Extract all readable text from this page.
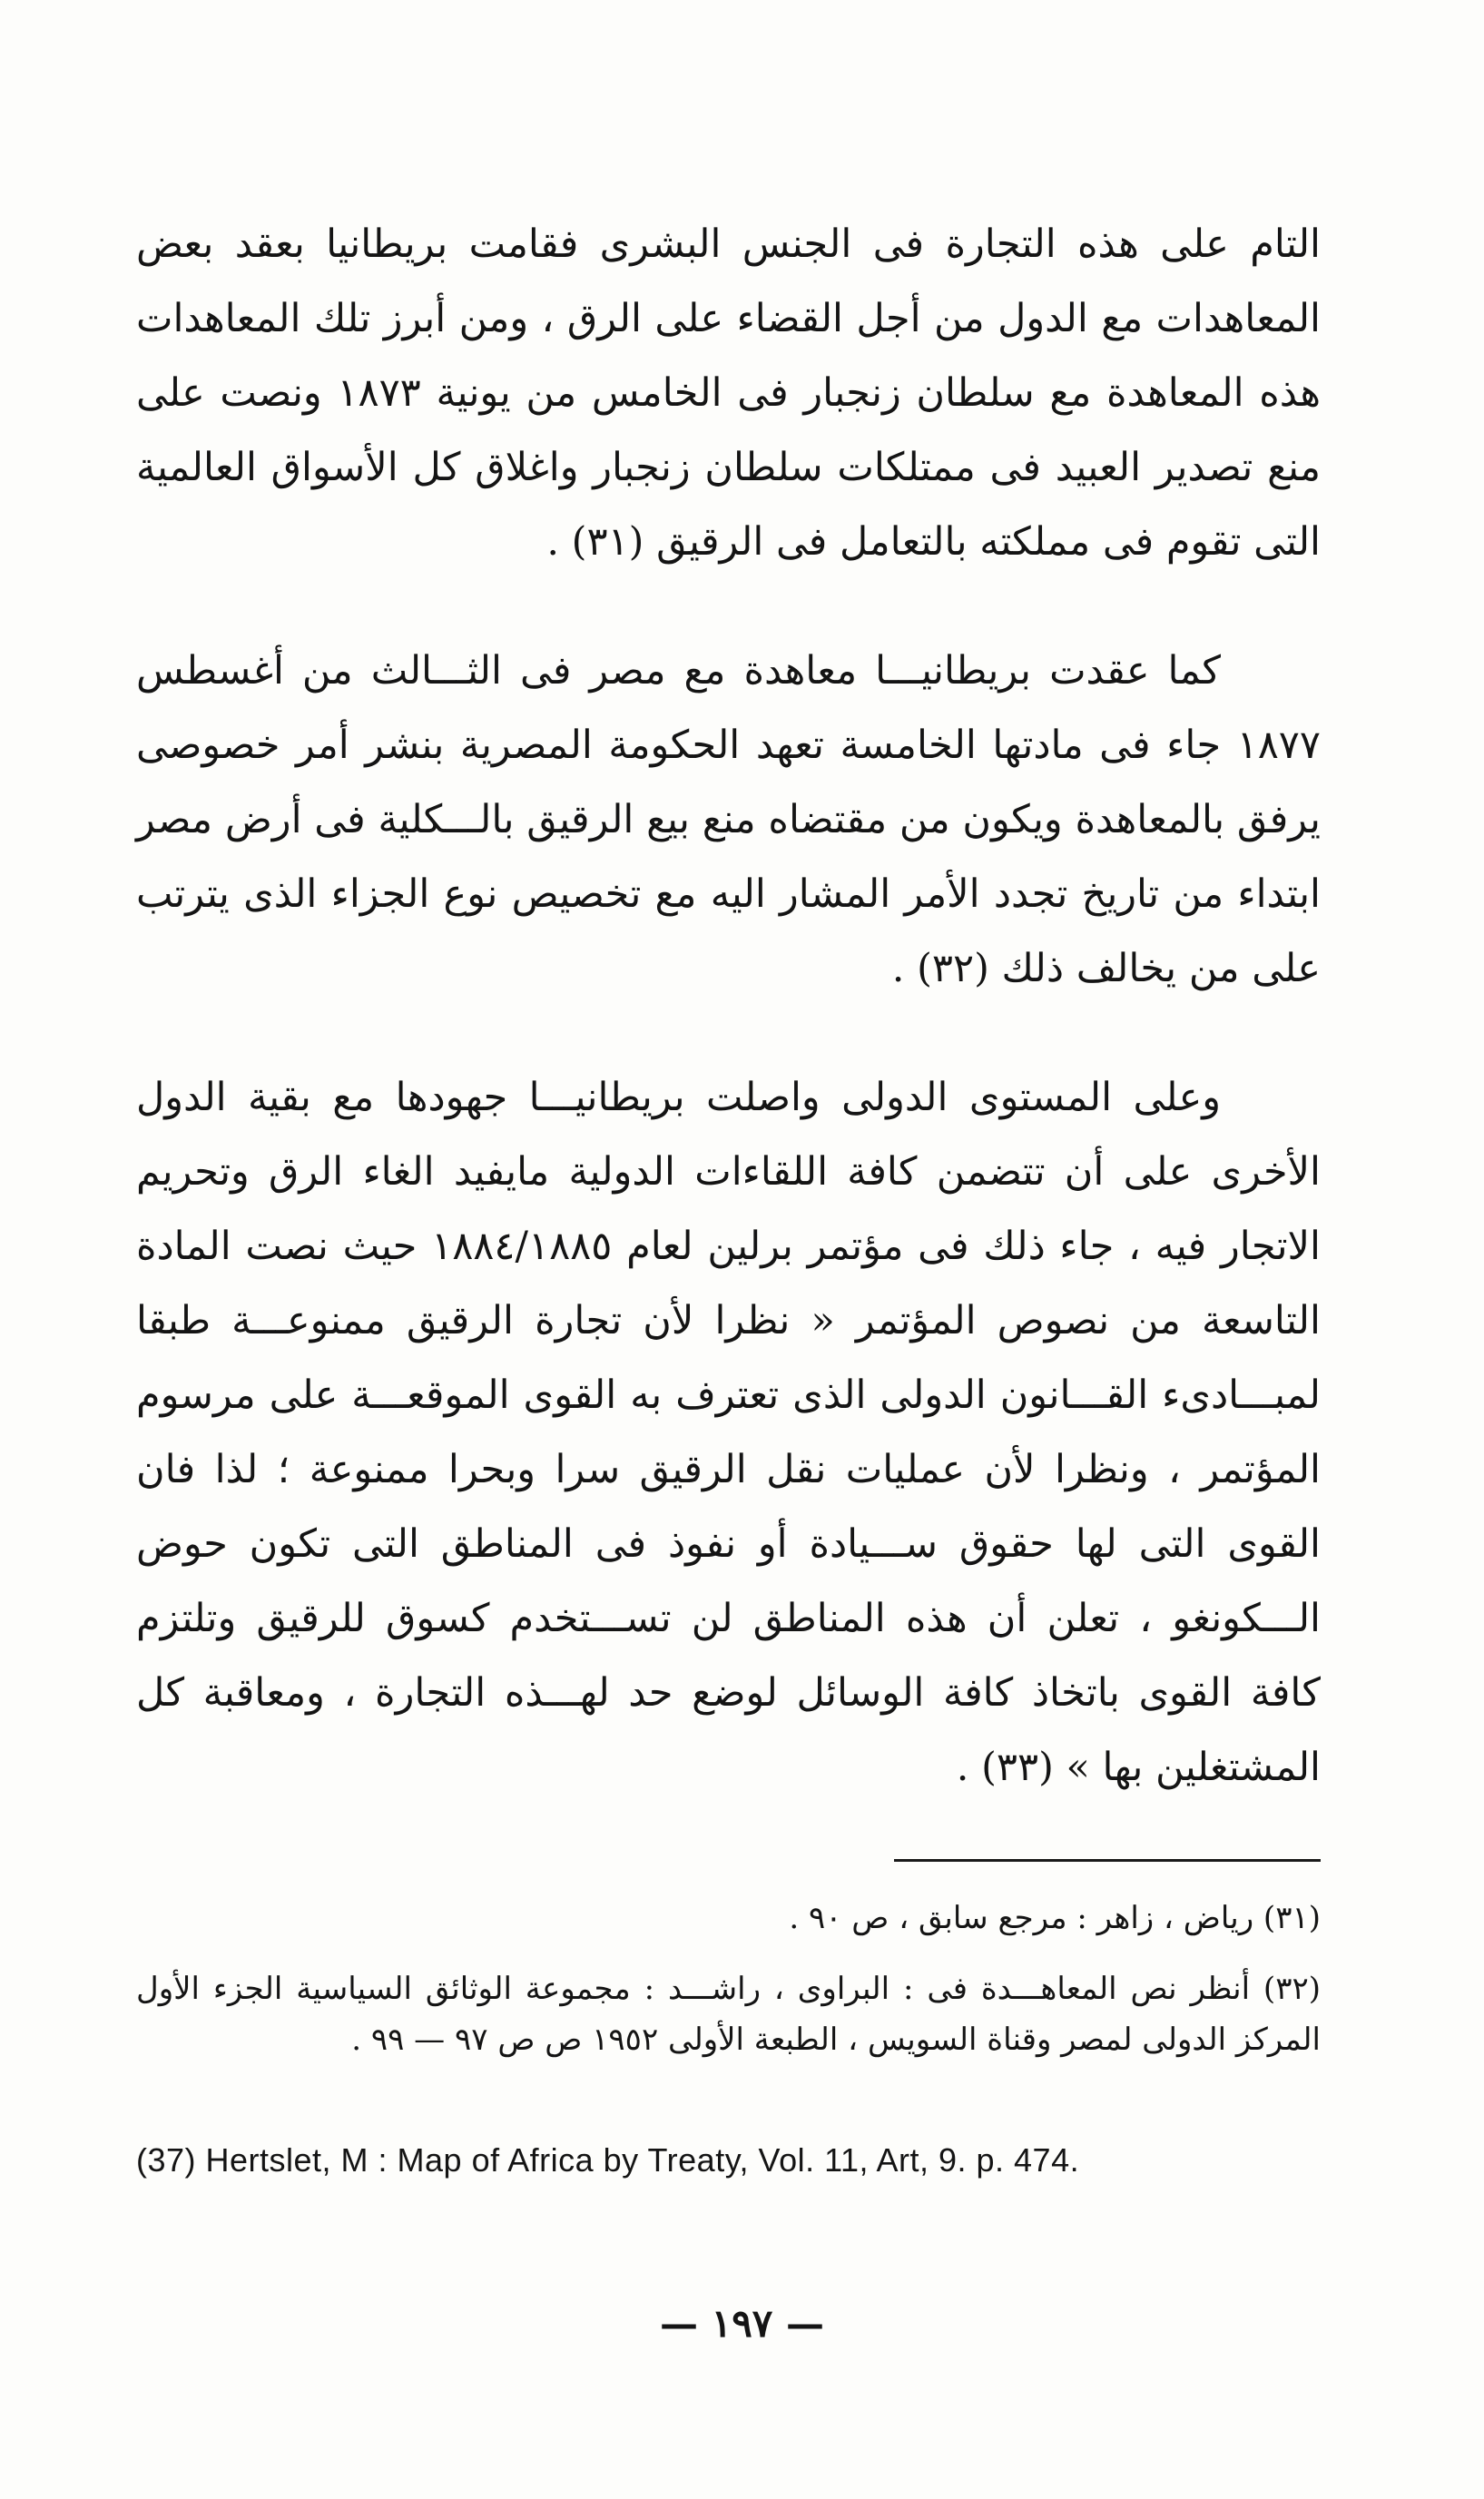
التام على هذه التجارة فى الجنس البشرى فقامت بريطانيا بعقد بعض المعاهدات مع الدول من أجل القضاء على الرق ، ومن أبرز تلك المعاهدات هذه المعاهدة مع سلطان زنجبار فى الخامس من يونية ١٨٧٣ ونصت على منع تصدير العبيد فى ممتلكات سلطان زنجبار واغلاق كل الأسواق العالمية التى تقوم فى مملكته بالتعامل فى الرقيق (٣١) .

كما عقدت بريطانيـــا معاهدة مع مصر فى الثـــالث من أغسطس ١٨٧٧ جاء فى مادتها الخامسة تعهد الحكومة المصرية بنشر أمر خصوصى يرفق بالمعاهدة ويكون من مقتضاه منع بيع الرقيق بالـــكلية فى أرض مصر ابتداء من تاريخ تجدد الأمر المشار اليه مع تخصيص نوع الجزاء الذى يترتب على من يخالف ذلك (٣٢) .

وعلى المستوى الدولى واصلت بريطانيـــا جهودها مع بقية الدول الأخرى على أن تتضمن كافة اللقاءات الدولية مايفيد الغاء الرق وتحريم الاتجار فيه ، جاء ذلك فى مؤتمر برلين لعام ١٨٨٤/١٨٨٥ حيث نصت المادة التاسعة من نصوص المؤتمر « نظرا لأن تجارة الرقيق ممنوعـــة طبقا لمبـــادىء القـــانون الدولى الذى تعترف به القوى الموقعـــة على مرسوم المؤتمر ، ونظرا لأن عمليات نقل الرقيق سرا وبحرا ممنوعة ؛ لذا فان القوى التى لها حقوق ســـيادة أو نفوذ فى المناطق التى تكون حوض الـــكونغو ، تعلن أن هذه المناطق لن تســـتخدم كسوق للرقيق وتلتزم كافة القوى باتخاذ كافة الوسائل لوضع حد لهـــذه التجارة ، ومعاقبة كل المشتغلين بها » (٣٣) .

(٣١) رياض ، زاهر : مرجع سابق ، ص ٩٠ .

(٣٢) أنظر نص المعاهـــدة فى : البراوى ، راشـــد : مجموعة الوثائق السياسية الجزء الأول المركز الدولى لمصر وقناة السويس ، الطبعة الأولى ١٩٥٢ ص ص ٩٧ — ٩٩ .

(37) Hertslet, M : Map of Africa by Treaty, Vol. 11, Art, 9. p. 474.

— ١٩٧ —
